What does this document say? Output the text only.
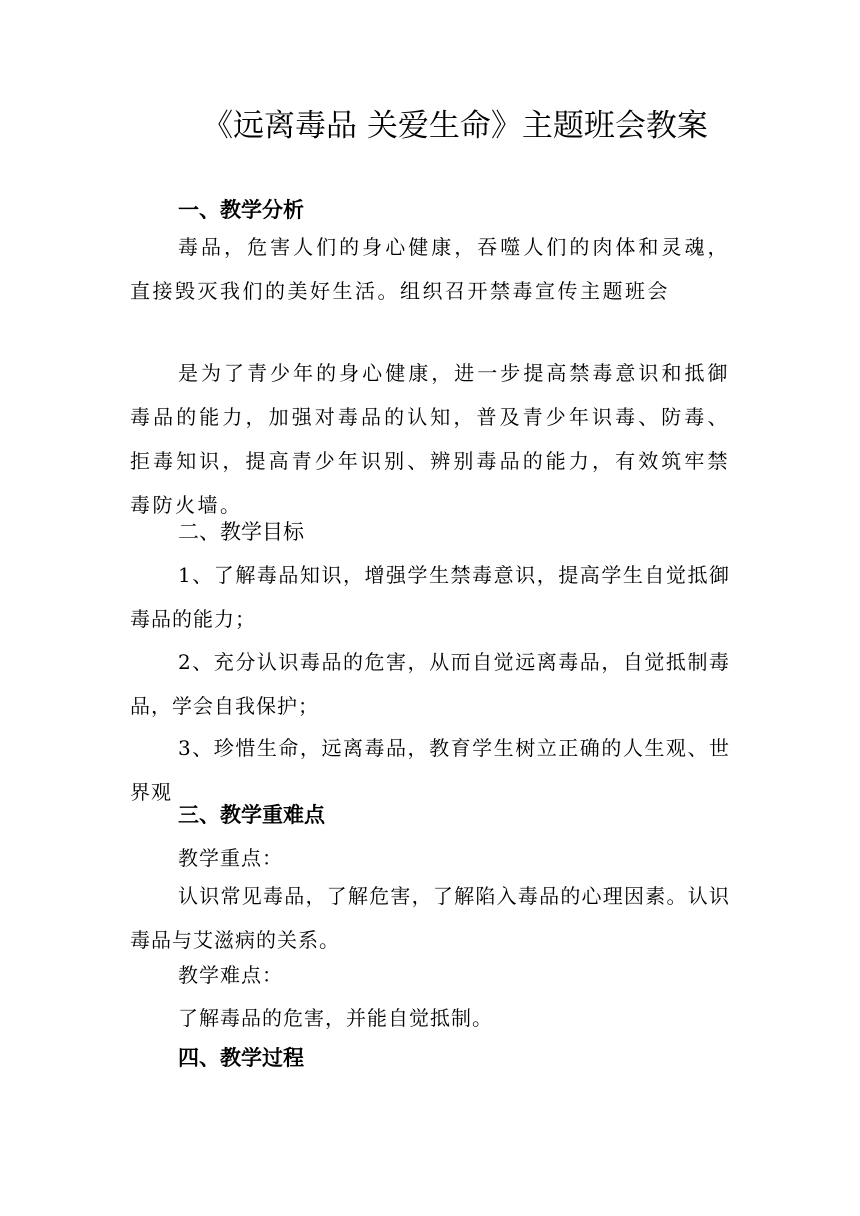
《远离毒品 关爱生命》主题班会教案
一、教学分析
毒品，危害人们的身心健康，吞噬人们的肉体和灵魂，直接毁灭我们的美好生活。组织召开禁毒宣传主题班会
是为了青少年的身心健康，进一步提高禁毒意识和抵御毒品的能力，加强对毒品的认知，普及青少年识毒、防毒、拒毒知识，提高青少年识别、辨别毒品的能力，有效筑牢禁毒防火墙。
二、教学目标
1、了解毒品知识，增强学生禁毒意识，提高学生自觉抵御毒品的能力；
2、充分认识毒品的危害，从而自觉远离毒品，自觉抵制毒品，学会自我保护；
3、珍惜生命，远离毒品，教育学生树立正确的人生观、世界观
三、教学重难点
教学重点：
认识常见毒品，了解危害，了解陷入毒品的心理因素。认识毒品与艾滋病的关系。
教学难点：
了解毒品的危害，并能自觉抵制。
四、教学过程
